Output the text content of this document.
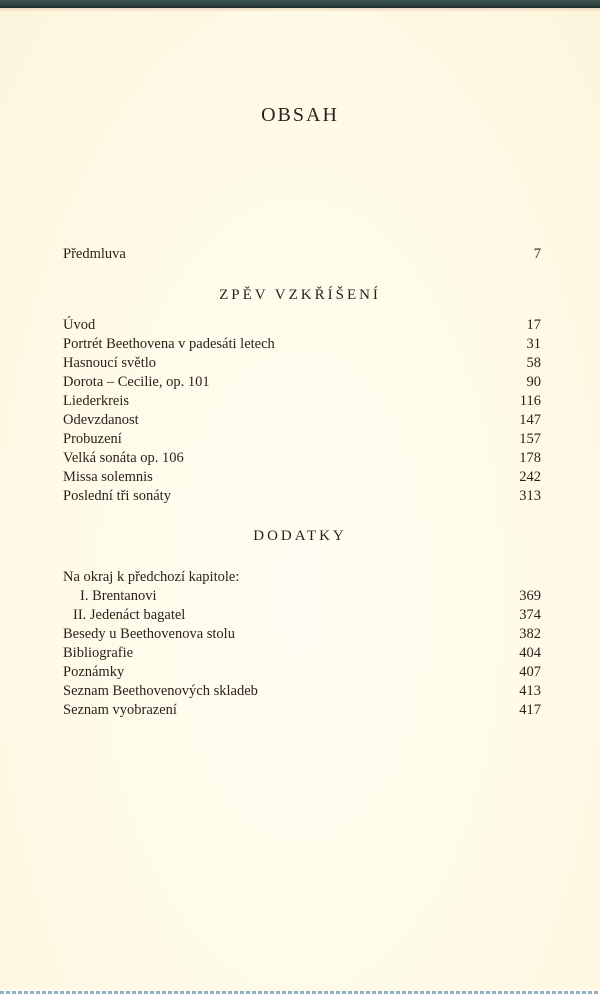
OBSAH
Předmluva	7
ZPĚV VZKŘÍŠENÍ
Úvod	17
Portrét Beethovena v padesáti letech	31
Hasnoucí světlo	58
Dorota – Cecilie, op. 101	90
Liederkreis	116
Odevzdanost	147
Probuzení	157
Velká sonáta op. 106	178
Missa solemnis	242
Poslední tři sonáty	313
DODATKY
Na okraj k předchozí kapitole:
I. Brentanovi	369
II. Jedenáct bagatel	374
Besedy u Beethovenova stolu	382
Bibliografie	404
Poznámky	407
Seznam Beethovenových skladeb	413
Seznam vyobrazení	417
